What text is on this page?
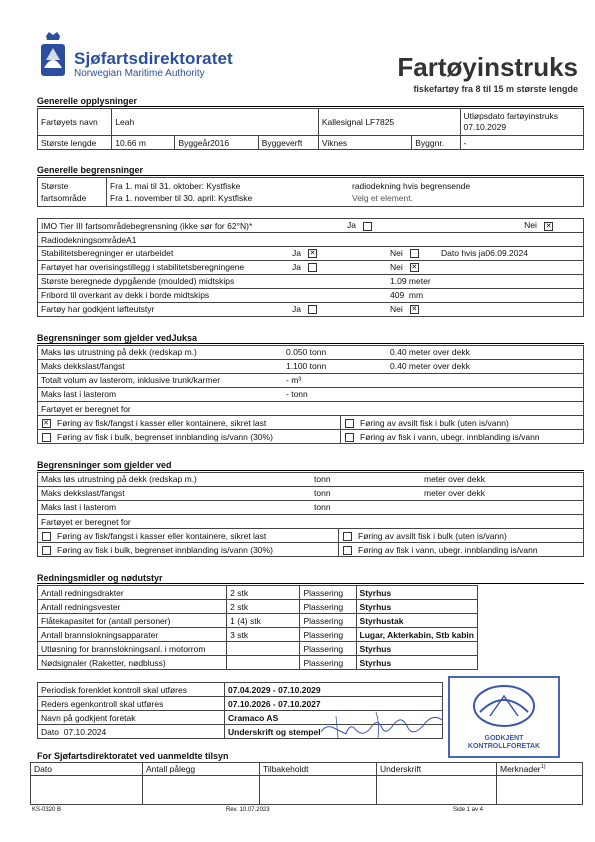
Sjøfartsdirektoratet
Norwegian Maritime Authority	Fartøyinstruks
fiskefartøy fra 8 til 15 m største lengde
Generelle opplysninger
Fartøyets navn	Leah			Kallesignal LF7825		Utløpsdato fartøyinstruks
07.10.2029

Største lengde	10.66 m	Byggeår2016	Byggeverft	Viknes	Byggnr.	-
Generelle begrensninger
Største
fartsområde

Fra 1. mai til 31. oktober: Kystfiske
Fra 1. november til 30. april: Kystfiske

radiodekning hvis begrensende
Velg et element.
IMO Tier III fartsområdebegrensning (ikke sør for 62°N)*	Ja	Nei   ✕
RadiodekningsområdeA1

Stabilitetsberegninger er utarbeidet	Ja ✕	Nei	Dato hvis ja06.09.2024

Fartøyet har overisingstillegg i stabilitetsberegningene	Ja	Nei   ✕

Største beregnede dypgående (moulded) midtskips	1.09 meter

Fribord til overkant av dekk i borde midtskips	409 mm

Fartøy har godkjent løfteutstyr	Ja	Nei   ✕
Begrensninger som gjelder vedJuksa
Maks løs utrustning på dekk (redskap m.) 0.050 tonn 0.40 meter over dekk			

Maks dekkslast/fangst 1.100 tonn 0.40 meter over dekk			

Totalt volum av lasterom, inklusive trunk/karmer - m³			

Maks last i lasterom - tonn			

Fartøyet er beregnet for			
✕	Føring av fisk/fangst i kasser eller kontainere, sikret last		Føring av avsilt fisk i bulk (uten is/vann)
	Føring av fisk i bulk, begrenset innblanding is/vann (30%)		Føring av fisk i vann, ubegr. innblanding is/vann
Begrensninger som gjelder ved
Maks løs utrustning på dekk (redskap m.) tonn meter over dekk			

Maks dekkslast/fangst tonn meter over dekk			

Maks last i lasterom tonn			

Fartøyet er beregnet for			
	Føring av fisk/fangst i kasser eller kontainere, sikret last		Føring av avsilt fisk i bulk (uten is/vann)
	Føring av fisk i bulk, begrenset innblanding is/vann (30%)		Føring av fisk i vann, ubegr. innblanding is/vann
Redningsmidler og nødutstyr
Antall redningsdrakter	2 stk	Plassering	Styrhus
Antall redningsvester	2 stk	Plassering	Styrhus
Flåtekapasitet for (antall personer)	1 (4) stk	Plassering	Styrhustak
Antall brannslokningsapparater	3 stk	Plassering	Lugar, Akterkabin, Stb kabin
Utløsning for brannslokningsanl. i motorrom		Plassering	Styrhus
Nødsignaler (Raketter, nødbluss)		Plassering	Styrhus
Periodisk forenklet kontroll skal utføres	07.04.2029 - 07.10.2029
Reders egenkontroll skal utføres	07.10.2026 - 07.10.2027
Navn på godkjent foretak	Cramaco AS
Dato 07.10.2024	Underskrift og stempel
GODKJENT
KONTROLLFORETAK
For Sjøfartsdirektoratet ved uanmeldte tilsyn
Dato	Antall pålegg	Tilbakeholdt	Underskrift	Merknader$^{1)}$

KS-0320 B	Rev. 10.07.2023	Side 1 av 4
